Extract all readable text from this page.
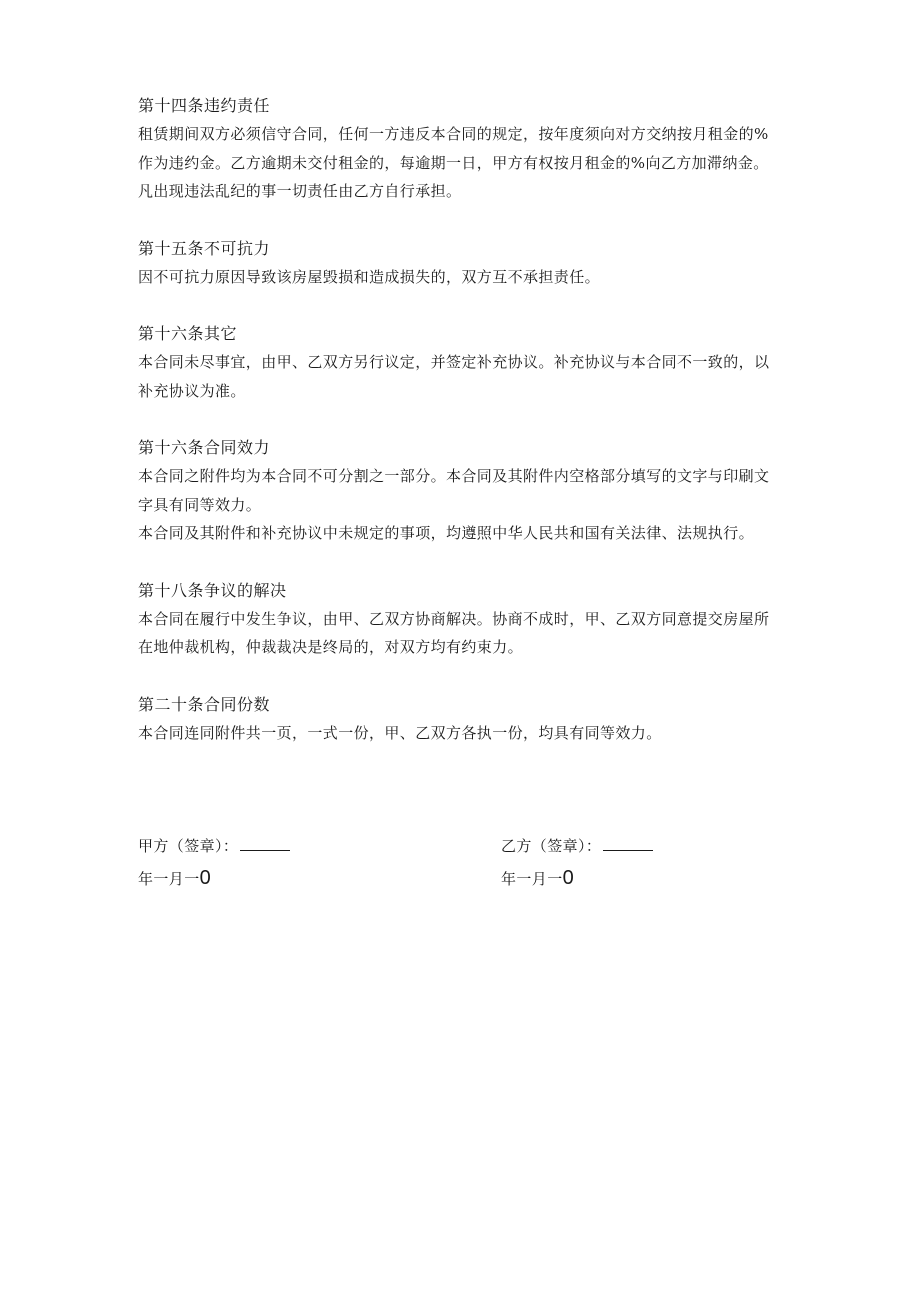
第十四条违约责任

租赁期间双方必须信守合同，任何一方违反本合同的规定，按年度须向对方交纳按月租金的%作为违约金。乙方逾期未交付租金的，每逾期一日，甲方有权按月租金的%向乙方加滞纳金。

凡出现违法乱纪的事一切责任由乙方自行承担。

第十五条不可抗力

因不可抗力原因导致该房屋毁损和造成损失的，双方互不承担责任。

第十六条其它

本合同未尽事宜，由甲、乙双方另行议定，并签定补充协议。补充协议与本合同不一致的，以补充协议为准。

第十六条合同效力

本合同之附件均为本合同不可分割之一部分。本合同及其附件内空格部分填写的文字与印刷文字具有同等效力。

本合同及其附件和补充协议中未规定的事项，均遵照中华人民共和国有关法律、法规执行。

第十八条争议的解决

本合同在履行中发生争议，由甲、乙双方协商解决。协商不成时，甲、乙双方同意提交房屋所在地仲裁机构，仲裁裁决是终局的，对双方均有约束力。

第二十条合同份数

本合同连同附件共一页，一式一份，甲、乙双方各执一份，均具有同等效力。

甲方（签章）：

年一月一0

乙方（签章）：

年一月一0
